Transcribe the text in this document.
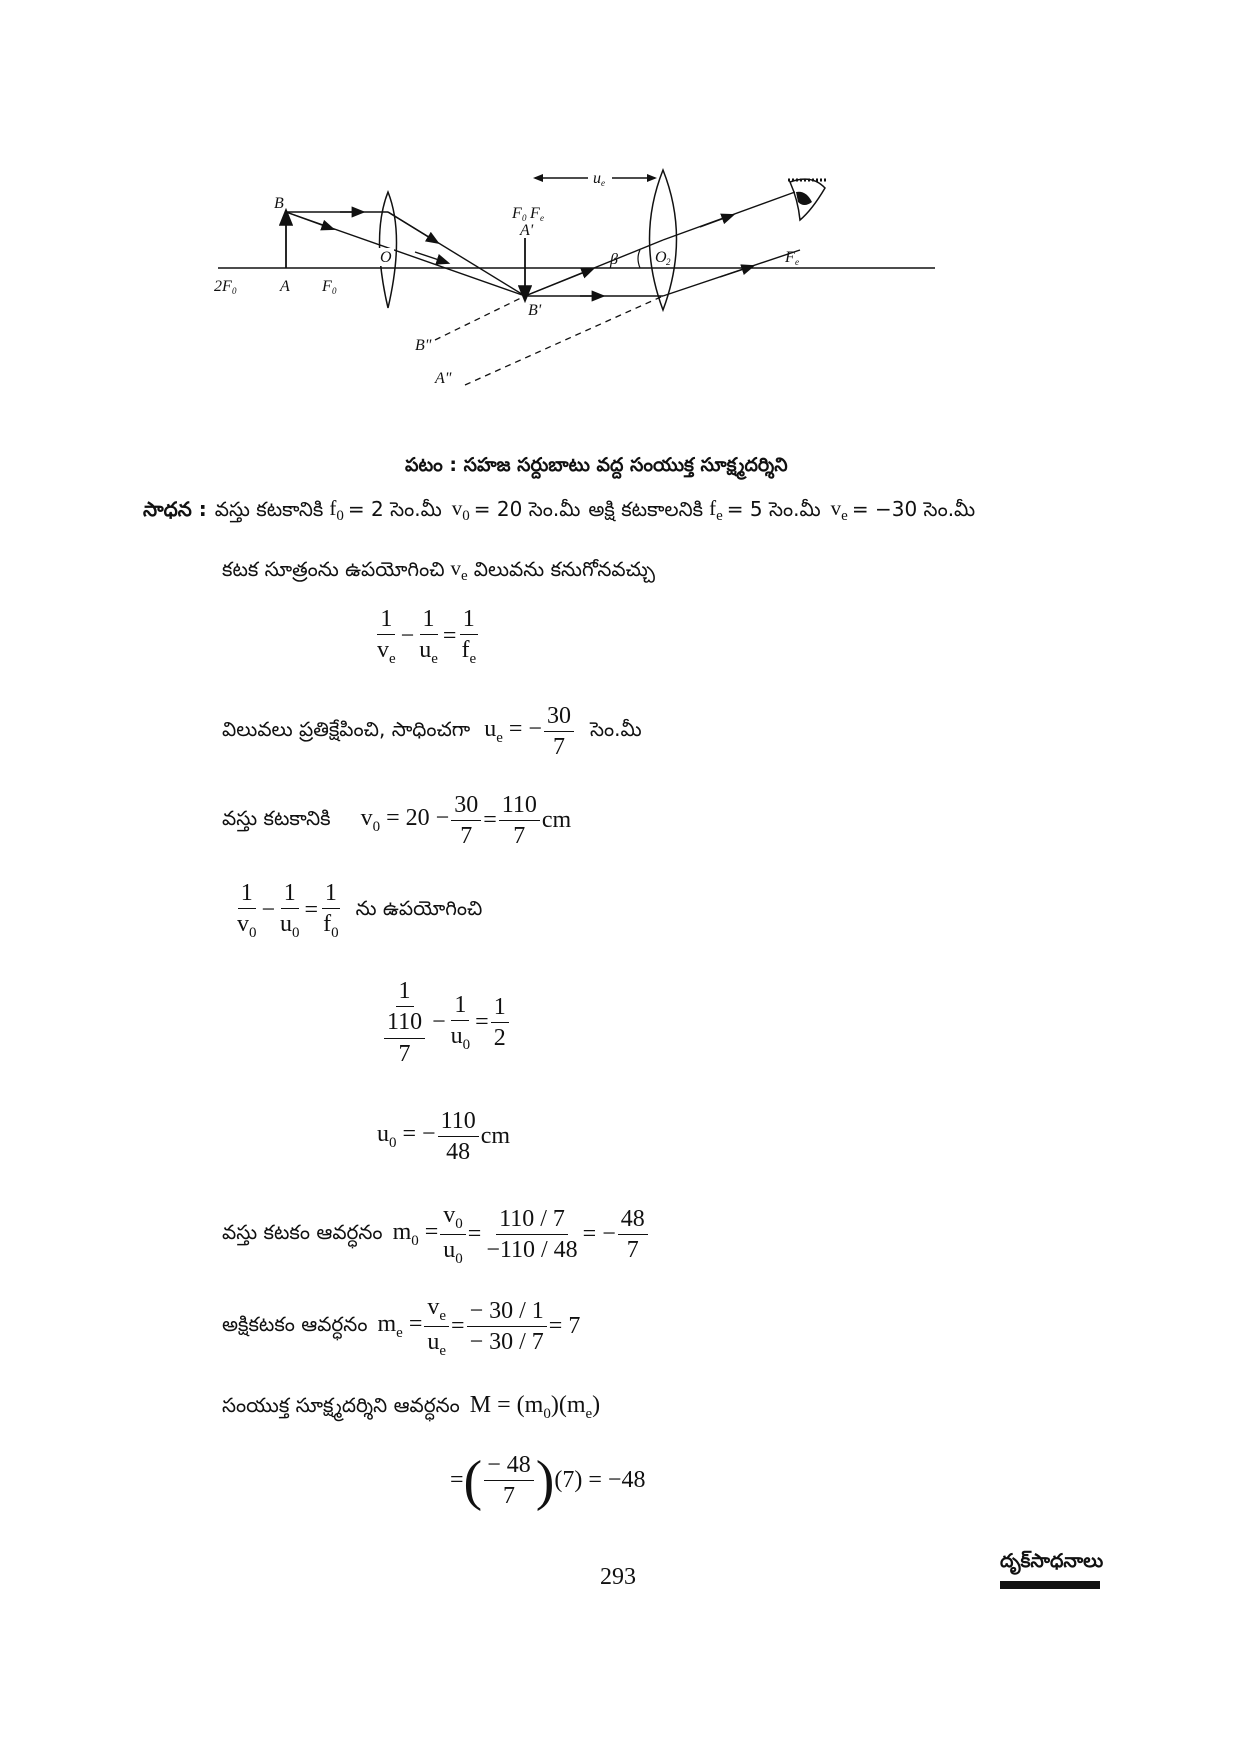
B
A
2F 0	F 0
O
F 0 F e
A'
B'
β O 2	F e
B"
A"
u e
పటం : సహజ సర్దుబాటు వద్ద సంయుక్త సూక్ష్మదర్శిని
సాధన : వస్తు కటకానికి $f_0 = 2$ సెం.మీ $v_0 = 20$ సెం.మీ అక్షి కటకాలనికి $f_e = 5$ సెం.మీ $v_e = -30$ సెం.మీ
కటక సూత్రంను ఉపయోగించి $v_e$ విలువను కనుగోనవచ్చు
$\frac{1}{v_e} - \frac{1}{u_e} = \frac{1}{f_e}$
విలువలు ప్రతిక్షేపించి, సాధించగా $u_e$ = − $\frac{30}{7}$ సెం.మీ
వస్తు కటకానికి $v_0 = 20 - \frac{30}{7} = \frac{110}{7}$ cm
$\frac{1}{v_0} - \frac{1}{u_0} = \frac{1}{f_0}$ ను ఉపయోగించి
$\frac{1}{\frac{110}{7}} - \frac{1}{u_0} = \frac{1}{2}$
$u_0$ = − $\frac{110}{48}$ cm
వస్తు కటకం ఆవర్ధనం $m_0 = \frac{v_0}{u_0} = \frac{110 / 7}{-110 / 48}$ = − $\frac{48}{7}$
అక్షికటకం ఆవర్ధనం $m_e = \frac{v_e}{u_e} = \frac{- 30 / 1}{- 30 / 7} = 7$
సంయుక్త సూక్ష్మదర్శిని ఆవర్ధనం $M = (m_0)(m_e)$
= ( $\frac{- 48}{7}$ ) (7) = −48
293
దృక్‌సాధనాలు
